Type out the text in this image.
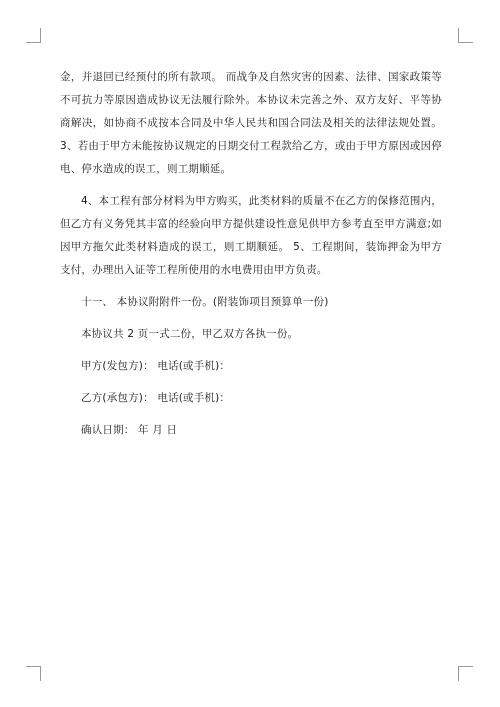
金，并退回已经预付的所有款项。 而战争及自然灾害的因素、法律、国家政策等不可抗力等原因造成协议无法履行除外。本协议未完善之外、双方友好、平等协商解决，如协商不成按本合同及中华人民共和国合同法及相关的法律法规处置。 3、若由于甲方未能按协议规定的日期交付工程款给乙方，或由于甲方原因或因停电、停水造成的误工，则工期顺延。

4、本工程有部分材料为甲方购买，此类材料的质量不在乙方的保修范围内，但乙方有义务凭其丰富的经验向甲方提供建设性意见供甲方参考直至甲方满意;如因甲方拖欠此类材料造成的误工，则工期顺延。 5、工程期间，装饰押金为甲方支付，办理出入证等工程所使用的水电费用由甲方负责。

十一、 本协议附附件一份。(附装饰项目预算单一份)

本协议共 2 页一式二份，甲乙双方各执一份。

甲方(发包方)： 电话(或手机)：

乙方(承包方)： 电话(或手机)：

确认日期： 年 月 日
